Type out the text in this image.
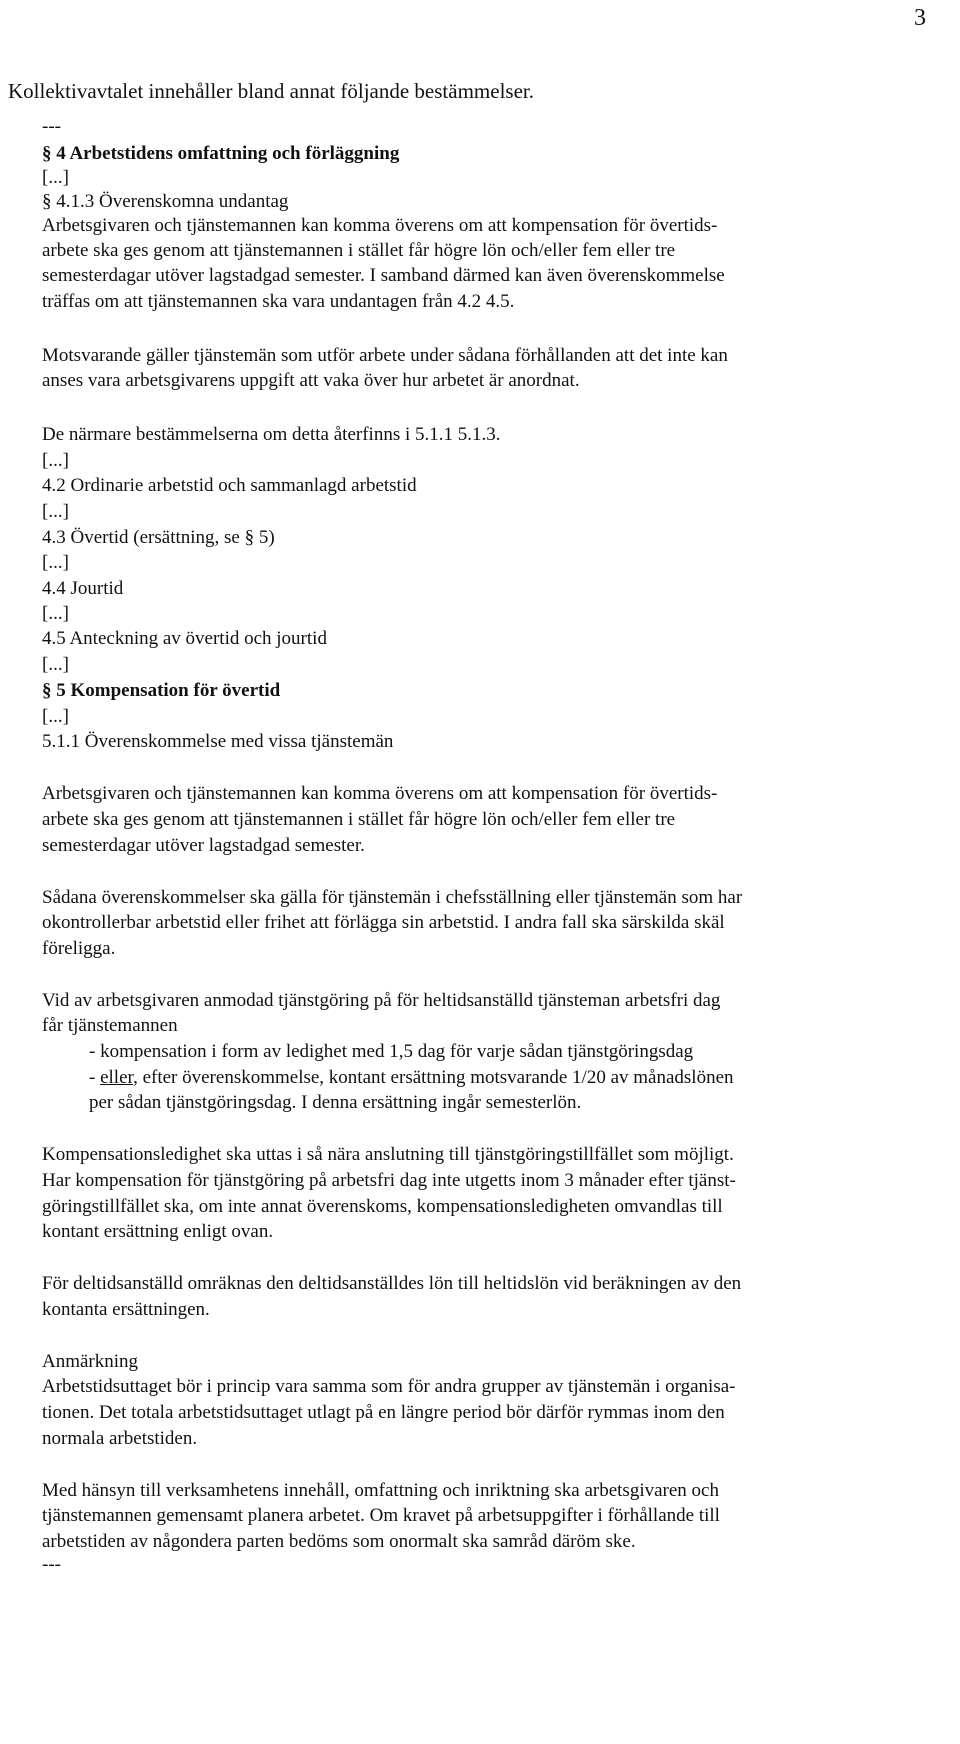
3
Kollektivavtalet innehåller bland annat följande bestämmelser.
---
§ 4 Arbetstidens omfattning och förläggning
[...]
§ 4.1.3 Överenskomna undantag
Arbetsgivaren och tjänstemannen kan komma överens om att kompensation för övertids-
arbete ska ges genom att tjänstemannen i stället får högre lön och/eller fem eller tre
semesterdagar utöver lagstadgad semester. I samband därmed kan även överenskommelse
träffas om att tjänstemannen ska vara undantagen från 4.2 4.5.
Motsvarande gäller tjänstemän som utför arbete under sådana förhållanden att det inte kan
anses vara arbetsgivarens uppgift att vaka över hur arbetet är anordnat.
De närmare bestämmelserna om detta återfinns i 5.1.1 5.1.3.
[...]
4.2 Ordinarie arbetstid och sammanlagd arbetstid
[...]
4.3 Övertid (ersättning, se § 5)
[...]
4.4 Jourtid
[...]
4.5 Anteckning av övertid och jourtid
[...]
§ 5 Kompensation för övertid
[...]
5.1.1 Överenskommelse med vissa tjänstemän
Arbetsgivaren och tjänstemannen kan komma överens om att kompensation för övertids-
arbete ska ges genom att tjänstemannen i stället får högre lön och/eller fem eller tre
semesterdagar utöver lagstadgad semester.
Sådana överenskommelser ska gälla för tjänstemän i chefsställning eller tjänstemän som har
okontrollerbar arbetstid eller frihet att förlägga sin arbetstid. I andra fall ska särskilda skäl
föreligga.
Vid av arbetsgivaren anmodad tjänstgöring på för heltidsanställd tjänsteman arbetsfri dag
får tjänstemannen
- kompensation i form av ledighet med 1,5 dag för varje sådan tjänstgöringsdag
- eller, efter överenskommelse, kontant ersättning motsvarande 1/20 av månadslönen
per sådan tjänstgöringsdag. I denna ersättning ingår semesterlön.
Kompensationsledighet ska uttas i så nära anslutning till tjänstgöringstillfället som möjligt.
Har kompensation för tjänstgöring på arbetsfri dag inte utgetts inom 3 månader efter tjänst-
göringstillfället ska, om inte annat överenskoms, kompensationsledigheten omvandlas till
kontant ersättning enligt ovan.
För deltidsanställd omräknas den deltidsanställdes lön till heltidslön vid beräkningen av den
kontanta ersättningen.
Anmärkning
Arbetstidsuttaget bör i princip vara samma som för andra grupper av tjänstemän i organisa-
tionen. Det totala arbetstidsuttaget utlagt på en längre period bör därför rymmas inom den
normala arbetstiden.
Med hänsyn till verksamhetens innehåll, omfattning och inriktning ska arbetsgivaren och
tjänstemannen gemensamt planera arbetet. Om kravet på arbetsuppgifter i förhållande till
arbetstiden av någondera parten bedöms som onormalt ska samråd däröm ske.
---
